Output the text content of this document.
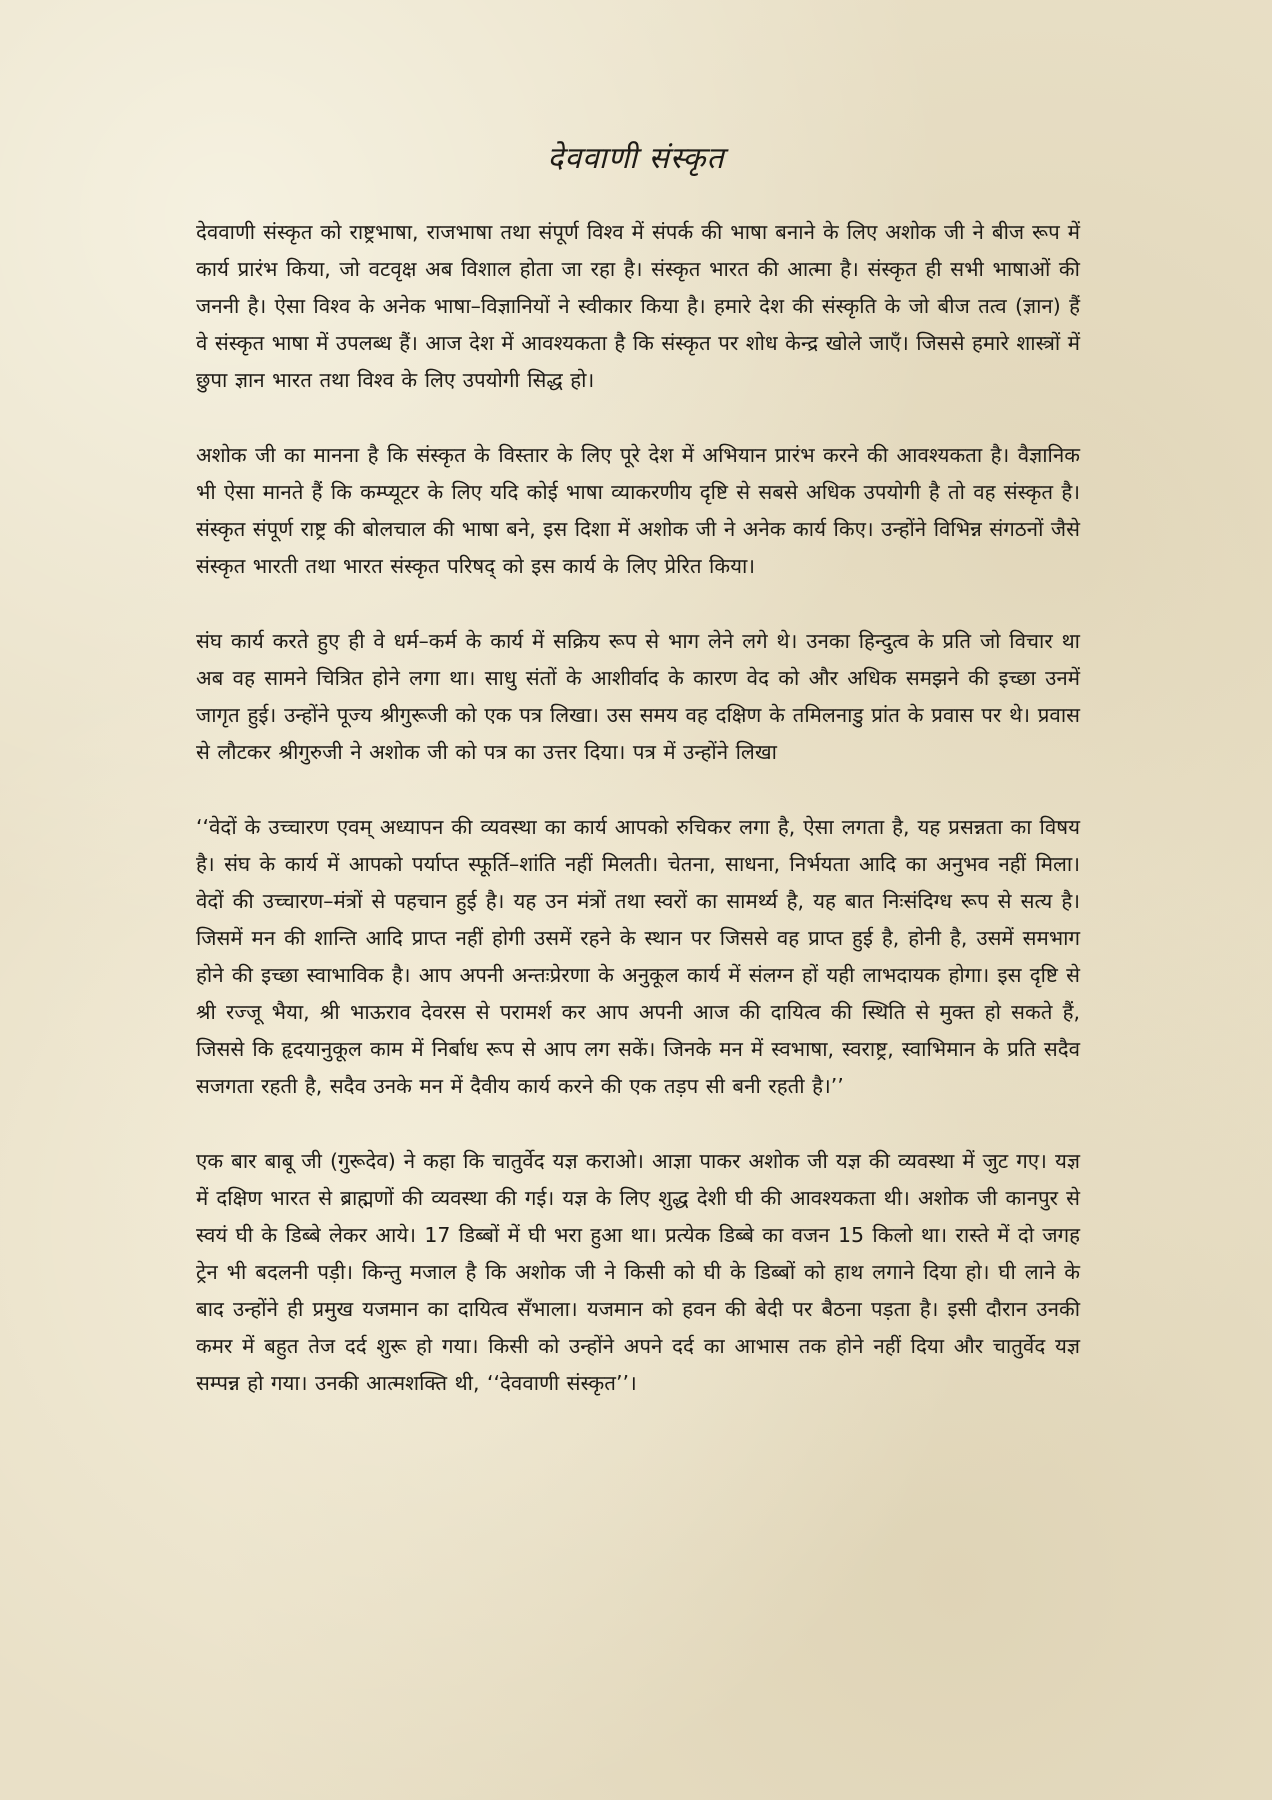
देववाणी संस्कृत

देववाणी संस्कृत को राष्ट्रभाषा, राजभाषा तथा संपूर्ण विश्व में संपर्क की भाषा बनाने के लिए अशोक जी ने बीज रूप में कार्य प्रारंभ किया, जो वटवृक्ष अब विशाल होता जा रहा है। संस्कृत भारत की आत्मा है। संस्कृत ही सभी भाषाओं की जननी है। ऐसा विश्व के अनेक भाषा–विज्ञानियों ने स्वीकार किया है। हमारे देश की संस्कृति के जो बीज तत्व (ज्ञान) हैं वे संस्कृत भाषा में उपलब्ध हैं। आज देश में आवश्यकता है कि संस्कृत पर शोध केन्द्र खोले जाएँ। जिससे हमारे शास्त्रों में छुपा ज्ञान भारत तथा विश्व के लिए उपयोगी सिद्ध हो।

अशोक जी का मानना है कि संस्कृत के विस्तार के लिए पूरे देश में अभियान प्रारंभ करने की आवश्यकता है। वैज्ञानिक भी ऐसा मानते हैं कि कम्प्यूटर के लिए यदि कोई भाषा व्याकरणीय दृष्टि से सबसे अधिक उपयोगी है तो वह संस्कृत है। संस्कृत संपूर्ण राष्ट्र की बोलचाल की भाषा बने, इस दिशा में अशोक जी ने अनेक कार्य किए। उन्होंने विभिन्न संगठनों जैसे संस्कृत भारती तथा भारत संस्कृत परिषद् को इस कार्य के लिए प्रेरित किया।

संघ कार्य करते हुए ही वे धर्म–कर्म के कार्य में सक्रिय रूप से भाग लेने लगे थे। उनका हिन्दुत्व के प्रति जो विचार था अब वह सामने चित्रित होने लगा था। साधु संतों के आशीर्वाद के कारण वेद को और अधिक समझने की इच्छा उनमें जागृत हुई। उन्होंने पूज्य श्रीगुरूजी को एक पत्र लिखा। उस समय वह दक्षिण के तमिलनाडु प्रांत के प्रवास पर थे। प्रवास से लौटकर श्रीगुरुजी ने अशोक जी को पत्र का उत्तर दिया। पत्र में उन्होंने लिखा

‘‘वेदों के उच्चारण एवम् अध्यापन की व्यवस्था का कार्य आपको रुचिकर लगा है, ऐसा लगता है, यह प्रसन्नता का विषय है। संघ के कार्य में आपको पर्याप्त स्फूर्ति–शांति नहीं मिलती। चेतना, साधना, निर्भयता आदि का अनुभव नहीं मिला। वेदों की उच्चारण–मंत्रों से पहचान हुई है। यह उन मंत्रों तथा स्वरों का सामर्थ्य है, यह बात निःसंदिग्ध रूप से सत्य है। जिसमें मन की शान्ति आदि प्राप्त नहीं होगी उसमें रहने के स्थान पर जिससे वह प्राप्त हुई है, होनी है, उसमें समभाग होने की इच्छा स्वाभाविक है। आप अपनी अन्तःप्रेरणा के अनुकूल कार्य में संलग्न हों यही लाभदायक होगा। इस दृष्टि से श्री रज्जू भैया, श्री भाऊराव देवरस से परामर्श कर आप अपनी आज की दायित्व की स्थिति से मुक्त हो सकते हैं, जिससे कि हृदयानुकूल काम में निर्बाध रूप से आप लग सकें। जिनके मन में स्वभाषा, स्वराष्ट्र, स्वाभिमान के प्रति सदैव सजगता रहती है, सदैव उनके मन में दैवीय कार्य करने की एक तड़प सी बनी रहती है।’’

एक बार बाबू जी (गुरूदेव) ने कहा कि चातुर्वेद यज्ञ कराओ। आज्ञा पाकर अशोक जी यज्ञ की व्यवस्था में जुट गए। यज्ञ में दक्षिण भारत से ब्राह्मणों की व्यवस्था की गई। यज्ञ के लिए शुद्ध देशी घी की आवश्यकता थी। अशोक जी कानपुर से स्वयं घी के डिब्बे लेकर आये। 17 डिब्बों में घी भरा हुआ था। प्रत्येक डिब्बे का वजन 15 किलो था। रास्ते में दो जगह ट्रेन भी बदलनी पड़ी। किन्तु मजाल है कि अशोक जी ने किसी को घी के डिब्बों को हाथ लगाने दिया हो। घी लाने के बाद उन्होंने ही प्रमुख यजमान का दायित्व सँभाला। यजमान को हवन की बेदी पर बैठना पड़ता है। इसी दौरान उनकी कमर में बहुत तेज दर्द शुरू हो गया। किसी को उन्होंने अपने दर्द का आभास तक होने नहीं दिया और चातुर्वेद यज्ञ सम्पन्न हो गया। उनकी आत्मशक्ति थी, ‘‘देववाणी संस्कृत’’।
